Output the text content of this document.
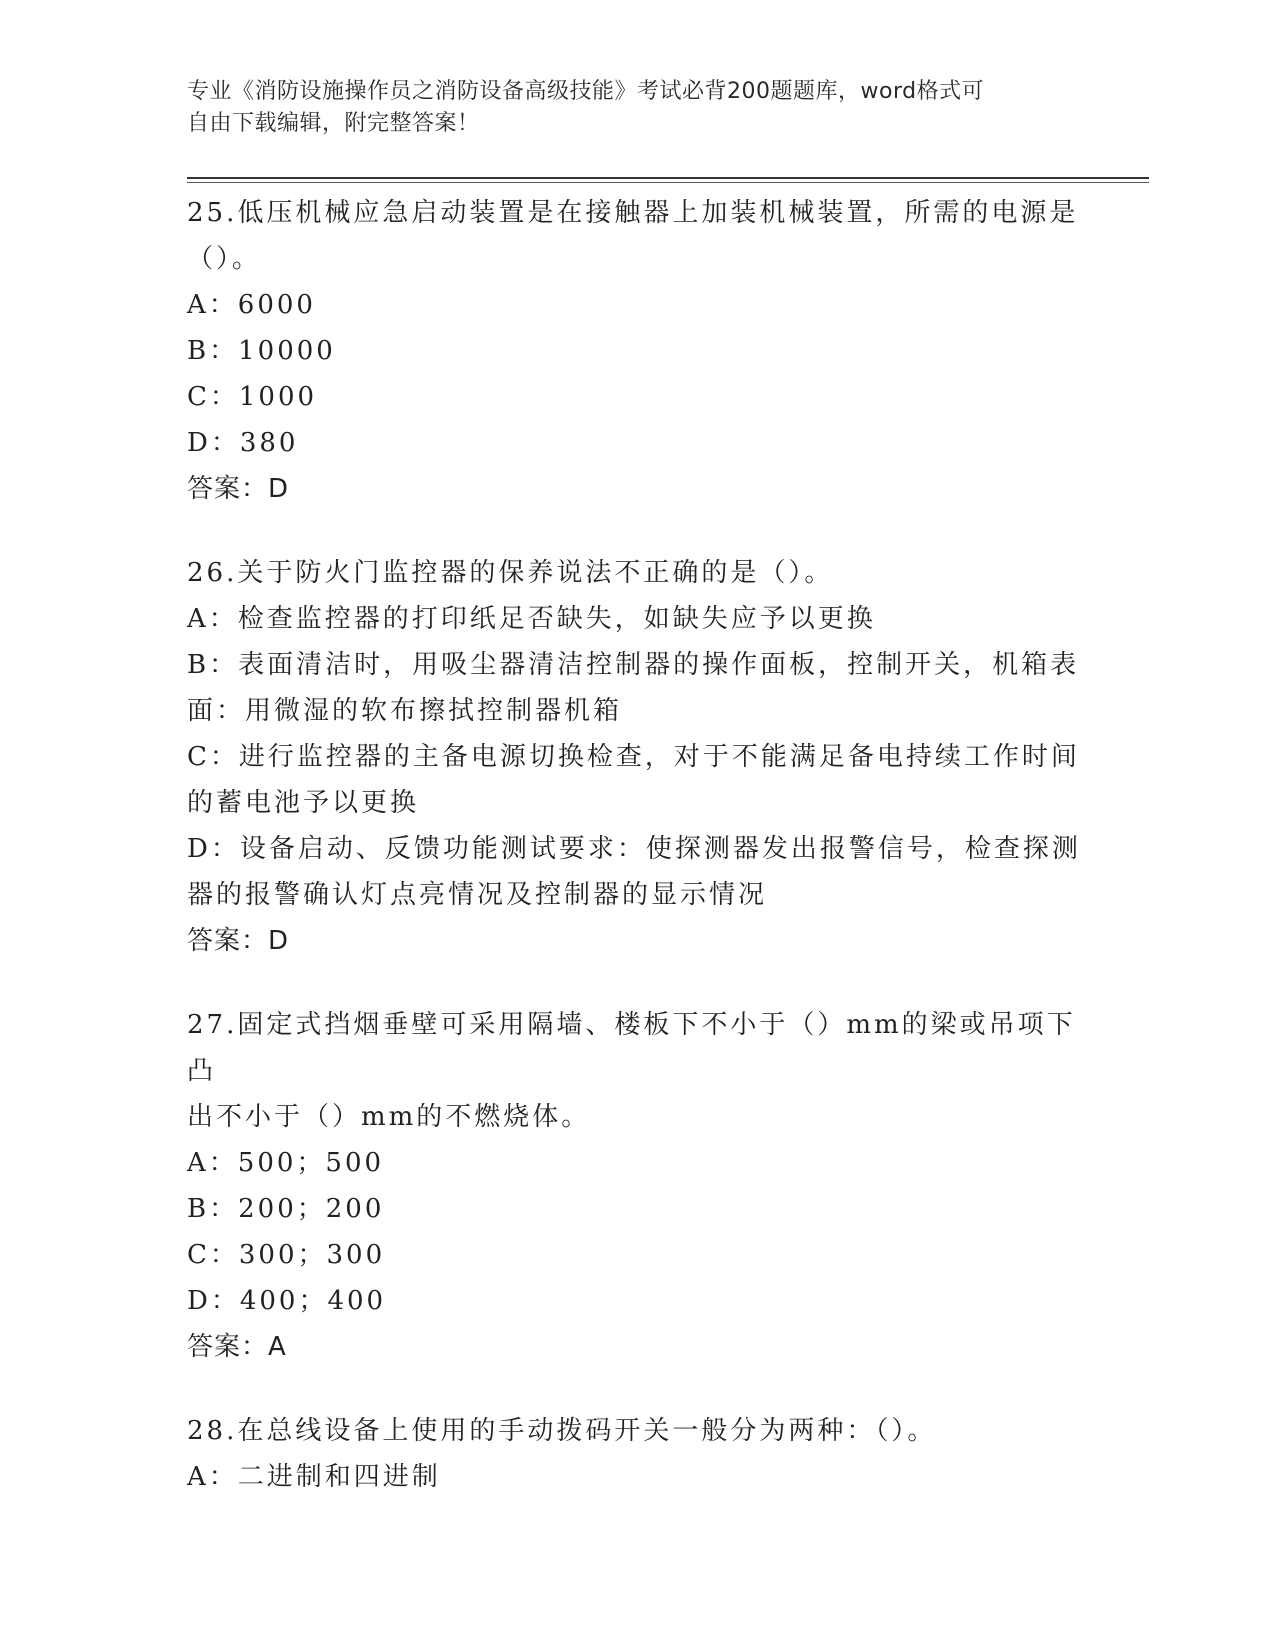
专业《消防设施操作员之消防设备高级技能》考试必背200题题库，word格式可
自由下载编辑，附完整答案！

25.低压机械应急启动装置是在接触器上加装机械装置，所需的电源是
（）。

A：6000

B：10000

C：1000

D：380

答案：D

26.关于防火门监控器的保养说法不正确的是（）。

A：检查监控器的打印纸足否缺失，如缺失应予以更换

B：表面清洁时，用吸尘器清洁控制器的操作面板，控制开关，机箱表
面：用微湿的软布擦拭控制器机箱

C：进行监控器的主备电源切换检查，对于不能满足备电持续工作时间
的蓄电池予以更换

D：设备启动、反馈功能测试要求：使探测器发出报警信号，检查探测
器的报警确认灯点亮情况及控制器的显示情况

答案：D

27.固定式挡烟垂壁可采用隔墙、楼板下不小于（）mm的梁或吊项下凸
出不小于（）mm的不燃烧体。

A：500；500

B：200；200

C：300；300

D：400；400

答案：A

28.在总线设备上使用的手动拨码开关一般分为两种：（）。

A：二进制和四进制
